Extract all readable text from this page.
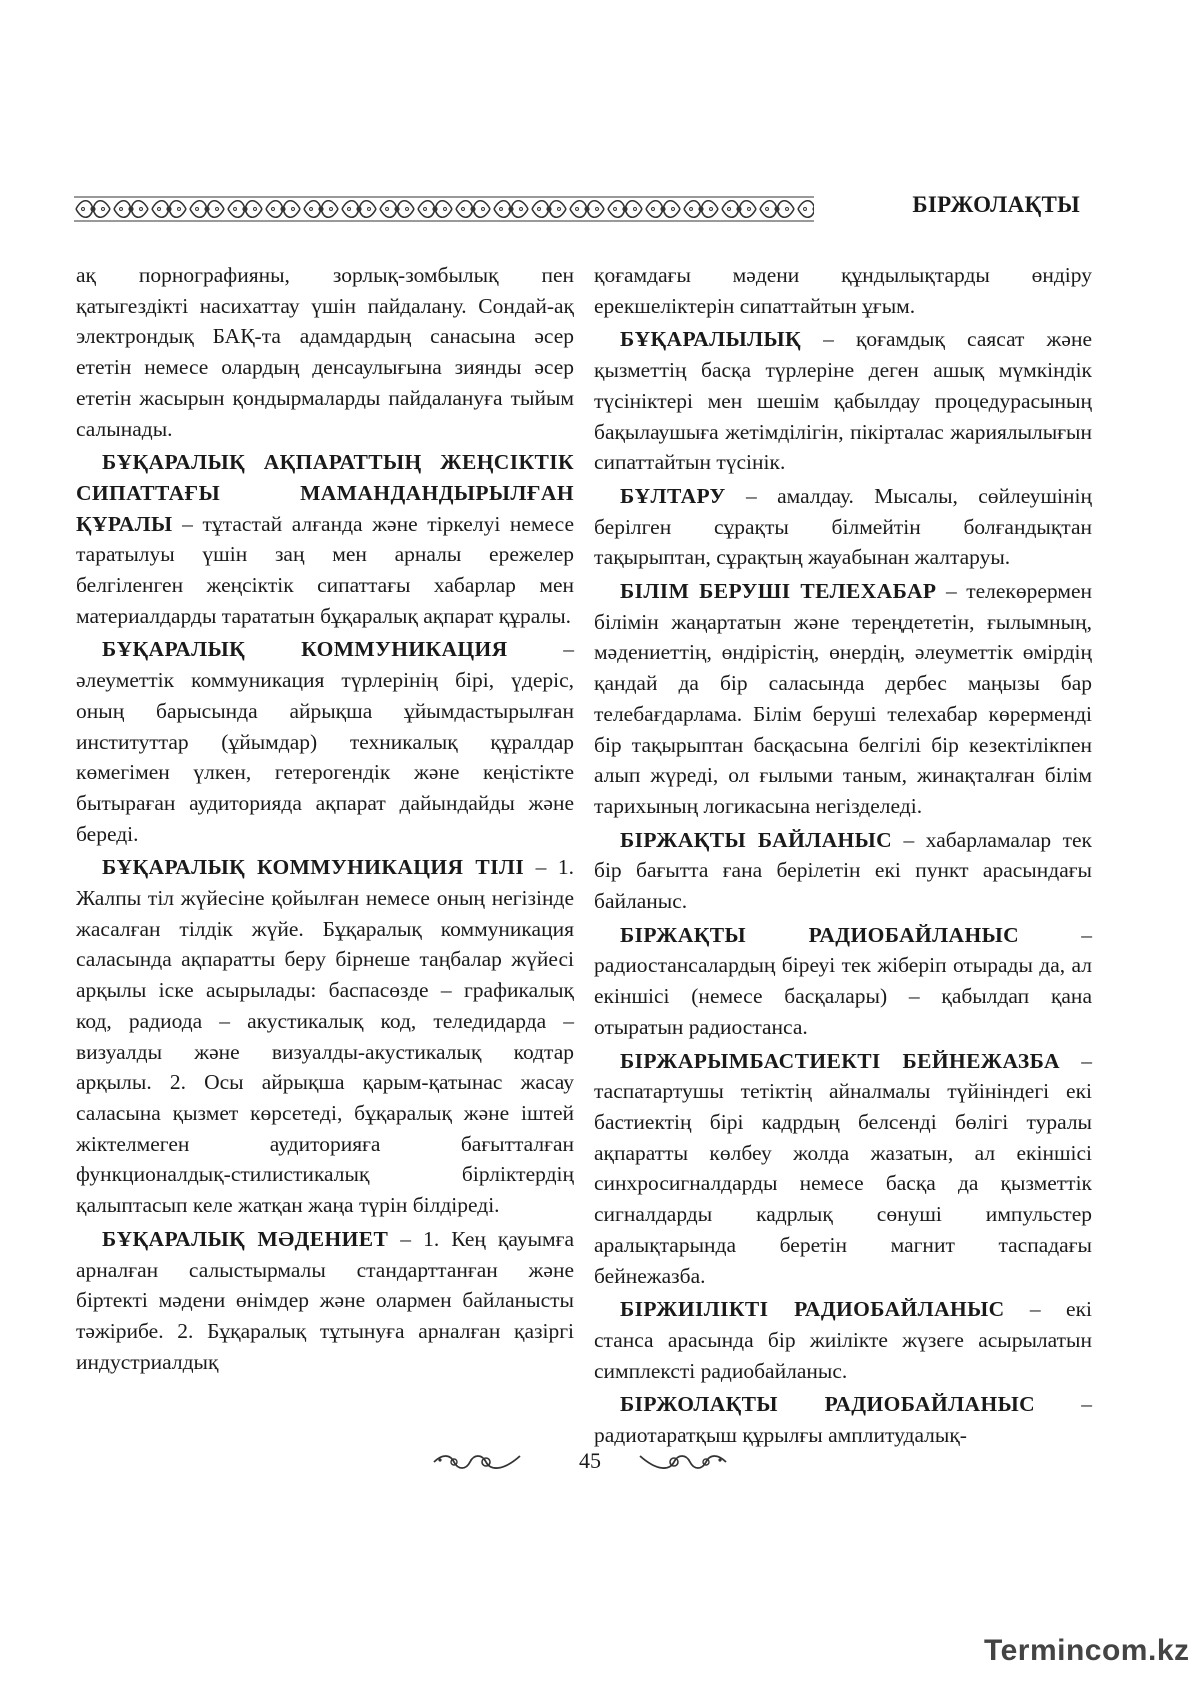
БІРЖОЛАҚТЫ

ақ порнографияны, зорлық-зомбылық пен қатыгездікті насихаттау үшін пайдалану. Сондай-ақ электрондық БАҚ-та адамдардың санасына әсер ететін немесе олардың денсаулығына зиянды әсер ететін жасырын қондырмаларды пайдалануға тыйым салынады.

БҰҚАРАЛЫҚ АҚПАРАТТЫҢ ЖЕҢСІКТІК СИПАТТАҒЫ МАМАНДАНДЫРЫЛҒАН ҚҰРАЛЫ – тұтастай алғанда және тіркелуі немесе таратылуы үшін заң мен арналы ережелер белгіленген жеңсіктік сипаттағы хабарлар мен материалдарды тарататын бұқаралық ақпарат құралы.

БҰҚАРАЛЫҚ КОММУНИКАЦИЯ – әлеуметтік коммуникация түрлерінің бірі, үдеріс, оның барысында айрықша ұйымдастырылған институттар (ұйымдар) техникалық құралдар көмегімен үлкен, гетерогендік және кеңістікте бытыраған аудиторияда ақпарат дайындайды және береді.

БҰҚАРАЛЫҚ КОММУНИКАЦИЯ ТІЛІ – 1. Жалпы тіл жүйесіне қойылған немесе оның негізінде жасалған тілдік жүйе. Бұқаралық коммуникация саласында ақпаратты беру бірнеше таңбалар жүйесі арқылы іске асырылады: баспасөзде – графикалық код, радиода – акустикалық код, теледидарда – визуалды және визуалды-акустикалық кодтар арқылы. 2. Осы айрықша қарым-қатынас жасау саласына қызмет көрсетеді, бұқаралық және іштей жіктелмеген аудиторияға бағытталған функционалдық-стилистикалық бірліктердің қалыптасып келе жатқан жаңа түрін білдіреді.

БҰҚАРАЛЫҚ МӘДЕНИЕТ – 1. Кең қауымға арналған салыстырмалы стандарттанған және біртекті мәдени өнімдер және олармен байланысты тәжірибе. 2. Бұқаралық тұтынуға арналған қазіргі индустриалдық

қоғамдағы мәдени құндылықтарды өндіру ерекшеліктерін сипаттайтын ұғым.

БҰҚАРАЛЫЛЫҚ – қоғамдық саясат және қызметтің басқа түрлеріне деген ашық мүмкіндік түсініктері мен шешім қабылдау процедурасының бақылаушыға жетімділігін, пікірталас жариялылығын сипаттайтын түсінік.

БҰЛТАРУ – амалдау. Мысалы, сөйлеушінің берілген сұрақты білмейтін болғандықтан тақырыптан, сұрақтың жауабынан жалтаруы.

БІЛІМ БЕРУШІ ТЕЛЕХАБАР – телекөрермен білімін жаңартатын және тереңдететін, ғылымның, мәдениеттің, өндірістің, өнердің, әлеуметтік өмірдің қандай да бір саласында дербес маңызы бар телебағдарлама. Білім беруші телехабар көрерменді бір тақырыптан басқасына белгілі бір кезектілікпен алып жүреді, ол ғылыми таным, жинақталған білім тарихының логикасына негізделеді.

БІРЖАҚТЫ БАЙЛАНЫС – хабарламалар тек бір бағытта ғана берілетін екі пункт арасындағы байланыс.

БІРЖАҚТЫ РАДИОБАЙЛАНЫС – радиостансалардың біреуі тек жіберіп отырады да, ал екіншісі (немесе басқалары) – қабылдап қана отыратын радиостанса.

БІРЖАРЫМБАСТИЕКТІ БЕЙНЕЖАЗБА – таспатартушы тетіктің айналмалы түйініндегі екі бастиектің бірі кадрдың белсенді бөлігі туралы ақпаратты көлбеу жолда жазатын, ал екіншісі синхросигналдарды немесе басқа да қызметтік сигналдарды кадрлық сөнуші импульстер аралықтарында беретін магнит таспадағы бейнежазба.

БІРЖИІЛІКТІ РАДИОБАЙЛАНЫС – екі станса арасында бір жиілікте жүзеге асырылатын симплексті радиобайланыс.

БІРЖОЛАҚТЫ РАДИОБАЙЛАНЫС – радиотаратқыш құрылғы амплитудалық-

45
Termincom.kz
